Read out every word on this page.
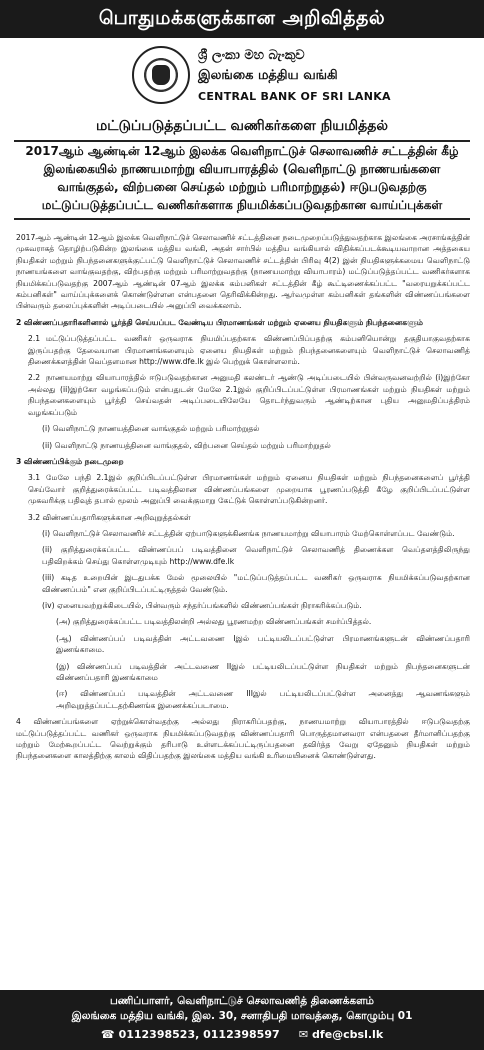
பொதுமக்களுக்கான அறிவித்தல்
ශ්‍රී ලංකා මහ බැංකුව
இலங்கை மத்திய வங்கி
CENTRAL BANK OF SRI LANKA
மட்டுப்படுத்தப்பட்ட வணிகர்களை நியமித்தல்
2017ஆம் ஆண்டின் 12ஆம் இலக்க வெளிநாட்டுச் செலாவணிச் சட்டத்தின் கீழ்
இலங்கையில் நாணயமாற்று வியாபாரத்தில் (வெளிநாட்டு நாணயங்களை
வாங்குதல், விற்பனை செய்தல் மற்றும் பரிமாற்றுதல்) ஈடுபடுவதற்கு
மட்டுப்படுத்தப்பட்ட வணிகர்களாக நியமிக்கப்படுவதற்கான வாய்ப்புக்கள்

2017ஆம் ஆண்டின் 12ஆம் இலக்க வெளிநாட்டுச் செலாவணிச் சட்டத்தினை நடைமுறைப்படுத்துவதற்காக இலங்கை அரசாங்கத்தின் முகவராகத் தொழிற்படுகின்ற இலங்கை மத்திய வங்கி, அதன் சார்பில் மத்திய வங்கியால் விதிக்கப்படக்கூடியவாறான அத்தகைய நியதிகள் மற்றும் நிபந்தனைகளுக்குட்பட்டு வெளிநாட்டுச் செலாவணிச் சட்டத்தின் பிரிவு 4(2) இன் நியதிகளுக்கமைய வெளிநாட்டு நாணயங்களை வாங்குவதற்கு, விற்பதற்கு மற்றும் பரிமாற்றுவதற்கு (நாணயமாற்று வியாபாரம்) மட்டுப்படுத்தப்பட்ட வணிகர்களாக நியமிக்கப்படுவதற்கு 2007ஆம் ஆண்டின் 07ஆம் இலக்க கம்பனிகள் சட்டத்தின் கீழ் கூட்டிணைக்கப்பட்ட "வரையறுக்கப்பட்ட கம்பனிகள்" வாய்ப்புக்களைக் கொண்டுள்ளன என்பதனை தெரிவிக்கின்றது. ஆர்வமுள்ள கம்பனிகள் தங்களின் விண்ணப்பங்களை பின்வரும் தலைப்புக்களின் அடிப்படையில் அனுப்பி வைக்கலாம்.

2 விண்ணப்பதாரிகளினால் பூர்த்தி செய்யப்பட வேண்டிய பிரமாணங்கள் மற்றும் ஏனைய நியதிகளும் நிபந்தனைகளும்

2.1 மட்டுப்படுத்தப்பட்ட வணிகர் ஒருவராக நியமிப்பதற்காக விண்ணப்பிப்பதற்கு கம்பனியொன்று தகுதியாகுவதற்காக இருப்பதற்கு தேவையான பிரமாணங்களையும் ஏனைய நியதிகள் மற்றும் நிபந்தனைகளையும் வெளிநாட்டுச் செலாவணித் திணைக்களத்தின் வெப்தளமான http://www.dfe.lk இல் பெற்றுக் கொள்ளலாம்.

2.2 நாணயமாற்று வியாபாரத்தில் ஈடுபடுவதற்கான அனுமதி கலண்டர் ஆண்டு அடிப்படையில் பின்வருவனவற்றில் (i)இற்கோ அல்லது (ii)இற்கோ வழங்கப்படும் என்பதுடன் மேலே 2.1இல் குறிப்பிடப்பட்டுள்ள பிரமாணங்கள் மற்றும் நியதிகள் மற்றும் நிபந்தனைகளையும் பூர்த்தி செய்வதன் அடிப்படையிலேயே தொடர்ந்துவரும் ஆண்டிற்கான புதிய அனுமதிப்பத்திரம் வழங்கப்படும்

(i) வெளிநாட்டு நாணயத்தினை வாங்குதல் மற்றும் பரிமாற்றுதல்

(ii) வெளிநாட்டு நாணயத்தினை வாங்குதல், விற்பனை செய்தல் மற்றும் பரிமாற்றுதல்

3 விண்ணப்பிக்கும் நடைமுறை

3.1 மேலே பந்தி 2.1இல் குறிப்பிடப்பட்டுள்ள பிரமாணங்கள் மற்றும் ஏனைய நியதிகள் மற்றும் நிபந்தனைகளைப் பூர்த்தி செய்வோர் குறித்துரைக்கப்பட்ட படிவத்திலான விண்ணப்பங்களை முறையாக பூரணப்படுத்தி கீழே குறிப்பிடப்பட்டுள்ள முகவரிக்கு பதிவுத் தபால் மூலம் அனுப்பி வைக்குமாறு கேட்டுக் கொள்ளப்படுகின்றனர்.

3.2 விண்ணப்பதாரிகளுக்கான அறிவுறுத்தல்கள்

(i) வெளிநாட்டுச் செலாவணிச் சட்டத்தின் ஏற்பாடுகளுக்கிணங்க நாணயமாற்று வியாபாரம் மேற்கொள்ளப்பட வேண்டும்.

(ii) குறித்துரைக்கப்பட்ட விண்ணப்பப் படிவத்தினை வெளிநாட்டுச் செலாவணித் திணைக்கள வெப்தளத்திலிருந்து பதிவிறக்கம் செய்து கொள்ளமுடியும் http://www.dfe.lk

(iii) கடித உறையின் இடதுபக்க மேல் மூலையில் "மட்டுப்படுத்தப்பட்ட வணிகர் ஒருவராக நியமிக்கப்படுவதற்கான விண்ணப்பம்" என குறிப்பிடப்பட்டிருத்தல் வேண்டும்.

(iv) ஏனையவற்றுக்கிடையில், பின்வரும் சந்தர்ப்பங்களில் விண்ணப்பங்கள் நிராகரிக்கப்படும்.

(அ) குறித்துரைக்கப்பட்ட படிவத்திலன்றி அல்லது பூரணமற்ற விண்ணப்பங்கள் சமர்ப்பித்தல்.

(ஆ) விண்ணப்பப் படிவத்தின் அட்டவணை Iஇல் பட்டியலிடப்பட்டுள்ள பிரமாணங்களுடன் விண்ணப்பதாரி இணங்காமை.

(இ) விண்ணப்பப் படிவத்தின் அட்டவணை IIஇல் பட்டியலிடப்பட்டுள்ள நியதிகள் மற்றும் நிபந்தனைகளுடன் விண்ணப்பதாரி இணங்காமை

(ஈ) விண்ணப்பப் படிவத்தின் அட்டவணை IIIஇல் பட்டியலிடப்பட்டுள்ள அனைத்து ஆவணங்களும் அறிவுறுத்தப்பட்டதற்கிணங்க இணைக்கப்படாமை.

4 விண்ணப்பங்களை ஏற்றுக்கொள்வதற்கு அல்லது நிராகரிப்பதற்கு, நாணயமாற்று வியாபாரத்தில் ஈடுபடுவதற்கு மட்டுப்படுத்தப்பட்ட வணிகர் ஒருவராக நியமிக்கப்படுவதற்கு விண்ணப்பதாரி பொருத்தமானவரா என்பதனை தீர்மானிப்பதற்கு மற்றும் மேற்கூறப்பட்ட வெற்றுக்கும் தரிபாடு உள்ளடக்கப்பட்டிருப்பதனை தவிர்த்த வேறு ஏதேனும் நியதிகள் மற்றும் நிபந்தனைகளை காலத்திற்கு காலம் விதிப்பதற்கு இலங்கை மத்திய வங்கி உரிமையினைக் கொண்டுள்ளது.

பணிப்பாளர், வெளிநாட்டுச் செலாவணித் திணைக்களம்
இலங்கை மத்திய வங்கி, இல. 30, சனாதிபதி மாவத்தை, கொழும்பு 01
☎ 0112398523, 0112398597 ✉ dfe@cbsl.lk
